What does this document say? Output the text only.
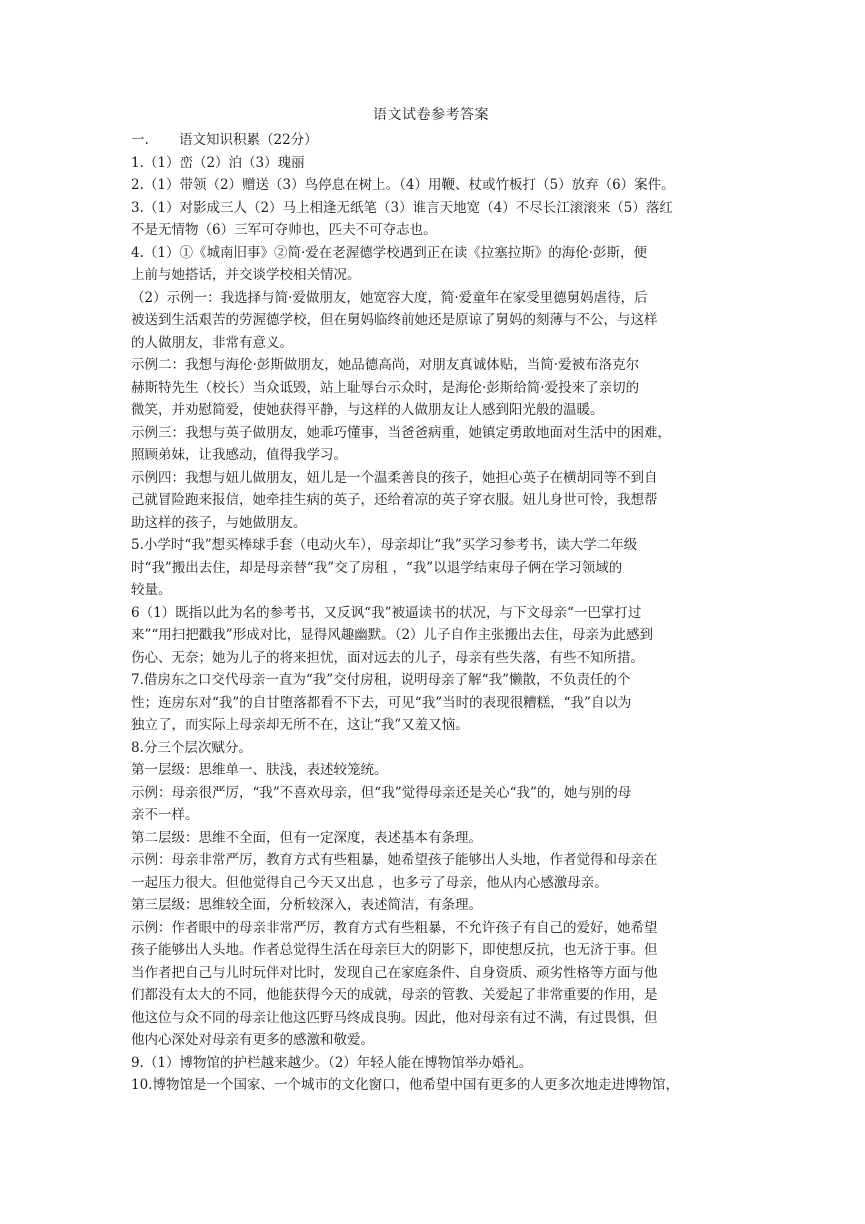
语文试卷参考答案

一. 语文知识积累（22分）

1.（1）峦（2）泊（3）瑰丽

2.（1）带领（2）赠送（3）鸟停息在树上。（4）用鞭、杖或竹板打（5）放弃（6）案件。

3.（1）对影成三人（2）马上相逢无纸笔（3）谁言天地宽（4）不尽长江滚滚来（5）落红

不是无情物（6）三军可夺帅也，匹夫不可夺志也。

4.（1）①《城南旧事》②简·爱在老渥德学校遇到正在读《拉塞拉斯》的海伦·彭斯，便

上前与她搭话，并交谈学校相关情况。

（2）示例一：我选择与简·爱做朋友，她宽容大度，简·爱童年在家受里德舅妈虐待，后

被送到生活艰苦的劳渥德学校，但在舅妈临终前她还是原谅了舅妈的刻薄与不公，与这样

的人做朋友，非常有意义。

示例二：我想与海伦·彭斯做朋友，她品德高尚，对朋友真诚体贴，当简·爱被布洛克尔

赫斯特先生（校长）当众诋毁，站上耻辱台示众时，是海伦·彭斯给简·爱投来了亲切的

微笑，并劝慰简爱，使她获得平静，与这样的人做朋友让人感到阳光般的温暖。

示例三：我想与英子做朋友，她乖巧懂事，当爸爸病重，她镇定勇敢地面对生活中的困难，

照顾弟妹，让我感动，值得我学习。

示例四：我想与妞儿做朋友，妞儿是一个温柔善良的孩子，她担心英子在横胡同等不到自

己就冒险跑来报信，她牵挂生病的英子，还给着凉的英子穿衣服。妞儿身世可怜，我想帮

助这样的孩子，与她做朋友。

5.小学时“我”想买棒球手套（电动火车），母亲却让“我”买学习参考书，读大学二年级

时“我”搬出去住，却是母亲替“我”交了房租 ，“我”以退学结束母子俩在学习领域的

较量。

6（1）既指以此为名的参考书，又反讽“我”被逼读书的状况，与下文母亲“一巴掌打过

来”“用扫把戳我”形成对比，显得风趣幽默。（2）儿子自作主张搬出去住，母亲为此感到

伤心、无奈；她为儿子的将来担忧，面对远去的儿子，母亲有些失落，有些不知所措。

7.借房东之口交代母亲一直为“我”交付房租，说明母亲了解“我”懒散，不负责任的个

性；连房东对“我”的自甘堕落都看不下去，可见“我”当时的表现很糟糕，“我”自以为

独立了，而实际上母亲却无所不在，这让“我”又羞又恼。

8.分三个层次赋分。

第一层级：思维单一、肤浅，表述较笼统。

示例：母亲很严厉，“我”不喜欢母亲，但“我”觉得母亲还是关心“我”的，她与别的母

亲不一样。

第二层级：思维不全面，但有一定深度，表述基本有条理。

示例：母亲非常严厉，教育方式有些粗暴，她希望孩子能够出人头地，作者觉得和母亲在

一起压力很大。但他觉得自己今天又出息 ，也多亏了母亲，他从内心感激母亲。

第三层级：思维较全面，分析较深入，表述简洁，有条理。

示例：作者眼中的母亲非常严厉，教育方式有些粗暴，不允许孩子有自己的爱好，她希望

孩子能够出人头地。作者总觉得生活在母亲巨大的阴影下，即使想反抗，也无济于事。但

当作者把自己与儿时玩伴对比时，发现自己在家庭条件、自身资质、顽劣性格等方面与他

们都没有太大的不同，他能获得今天的成就，母亲的管教、关爱起了非常重要的作用，是

他这位与众不同的母亲让他这匹野马终成良驹。因此，他对母亲有过不满，有过畏惧，但

他内心深处对母亲有更多的感激和敬爱。

9.（1）博物馆的护栏越来越少。（2）年轻人能在博物馆举办婚礼。

10.博物馆是一个国家、一个城市的文化窗口，他希望中国有更多的人更多次地走进博物馆，
